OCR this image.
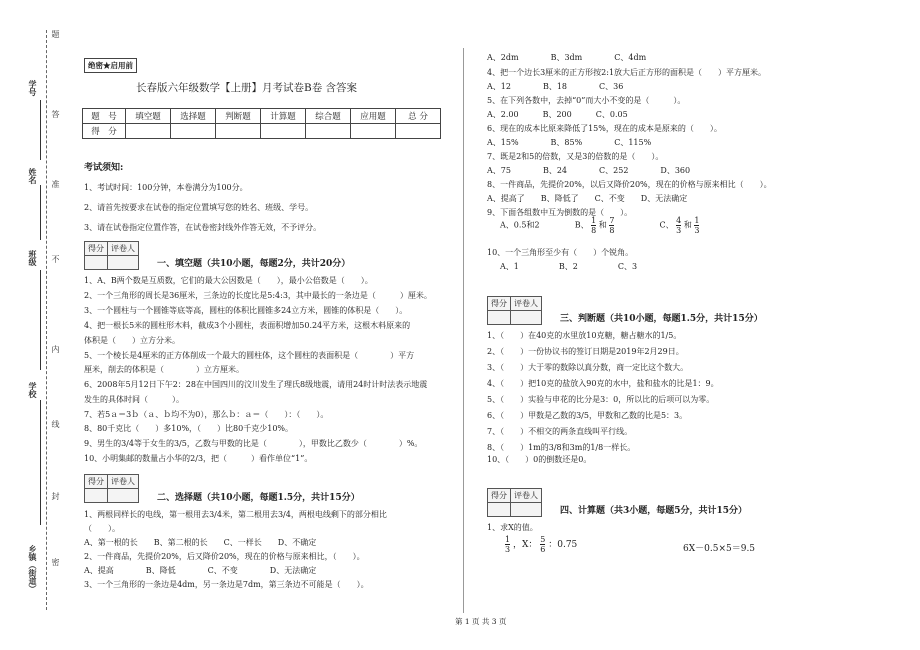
学号
姓名
班级
学校
乡镇（街道）
题
答
准
不
内
线
封
密
绝密★启用前
长春版六年级数学【上册】月考试卷B卷 含答案
题　号	填空题	选择题	判断题	计算题	综合题	应用题	总 分
得　分							
考试须知:
1、考试时间：100分钟，本卷满分为100分。
2、请首先按要求在试卷的指定位置填写您的姓名、班级、学号。
3、请在试卷指定位置作答，在试卷密封线外作答无效，不予评分。
得分	评卷人

一、填空题（共10小题，每题2分，共计20分）
1、A、B两个数是互质数，它们的最大公因数是（　　），最小公倍数是（　　）。
2、一个三角形的周长是36厘米，三条边的长度比是5:4:3，其中最长的一条边是（　　　）厘米。
3、一个圆柱与一个圆锥等底等高，圆柱的体积比圆锥多24立方米，圆锥的体积是（　　）。
4、把一根长5米的圆柱形木料，截成3个小圆柱，表面积增加50.24平方米，这根木料原来的
体积是（　　）立方分米。
5、一个棱长是4厘米的正方体削成一个最大的圆柱体，这个圆柱的表面积是（　　　　）平方
厘米，削去的体积是（　　　　）立方厘米。
6、2008年5月12日下午2：28在中国四川的汶川发生了理氏8级地震，请用24时计时法表示地震
发生的具体时间（　　　）。
7、若5ａ＝3ｂ（ａ、ｂ均不为0），那么ｂ：ａ＝（　　）：（　　）。
8、80千克比（　　）多10%，（　　）比80千克少10%。
9、男生的3/4等于女生的3/5，乙数与甲数的比是（　　　　），甲数比乙数少（　　　　）%。
10、小明集邮的数量占小华的2/3，把（　　　）看作单位“1”。
得分	评卷人

二、选择题（共10小题，每题1.5分，共计15分）
1、两根同样长的电线，第一根用去3/4米，第二根用去3/4，两根电线剩下的部分相比
（　　）。
A、第一根的长　　B、第二根的长　　C、一样长　　D、不确定
2、一件商品，先提价20%，后又降价20%，现在的价格与原来相比，（　　）。
A、提高　　　　B、降低　　　　C、不变　　　　D、无法确定
3、一个三角形的一条边是4dm，另一条边是7dm，第三条边不可能是（　　）。
A、2dm　　　　B、3dm　　　　C、4dm
4、把一个边长3厘米的正方形按2:1放大后正方形的面积是（　　）平方厘米。
A、12　　　　B、18　　　　C、36
5、在下列各数中，去掉“0”而大小不变的是（　　　）。
A、2.00　　　B、200　　　C、0.05
6、现在的成本比原来降低了15%，现在的成本是原来的（　　）。
A、15%　　　　B、85%　　　　C、115%
7、既是2和5的倍数，又是3的倍数的是（　　）。
A、75　　　　B、24　　　　C、252　　　　D、360
8、一件商品，先提价20%，以后又降价20%，现在的价格与原来相比（　　）。
A、提高了　　B、降低了　　C、不变　　D、无法确定
9、下面各组数中互为倒数的是（　　）。
A、0.5和2	B、 $\frac{1}{8}$ 和 $\frac{7}{8}$	C、 $\frac{4}{3}$ 和 $\frac{1}{3}$
10、一个三角形至少有（　　）个锐角。
A、1　　　　　B、2　　　　　C、3
得分	评卷人

三、判断题（共10小题，每题1.5分，共计15分）
1、（　　）在40克的水里放10克糖，糖占糖水的1/5。
2、（　　）一份协议书的签订日期是2019年2月29日。
3、（　　）大于零的数除以真分数，商一定比这个数大。
4、（　　）把10克的盐放入90克的水中，盐和盐水的比是1：9。
5、（　　）实验与申花的比分是3：0，所以比的后项可以为零。
6、（　　）甲数是乙数的3/5，甲数和乙数的比是5：3。
7、（　　）不相交的两条直线叫平行线。
8、（　　）1m的3/8和3m的1/8一样长。
10、（　　）0的倒数还是0。
得分	评卷人

四、计算题（共3小题，每题5分，共计15分）
1、求X的值。
$\frac{1}{3}$ ，X： $\frac{5}{6}$ ：0.75	6X－0.5×5＝9.5
第 1 页 共 3 页
